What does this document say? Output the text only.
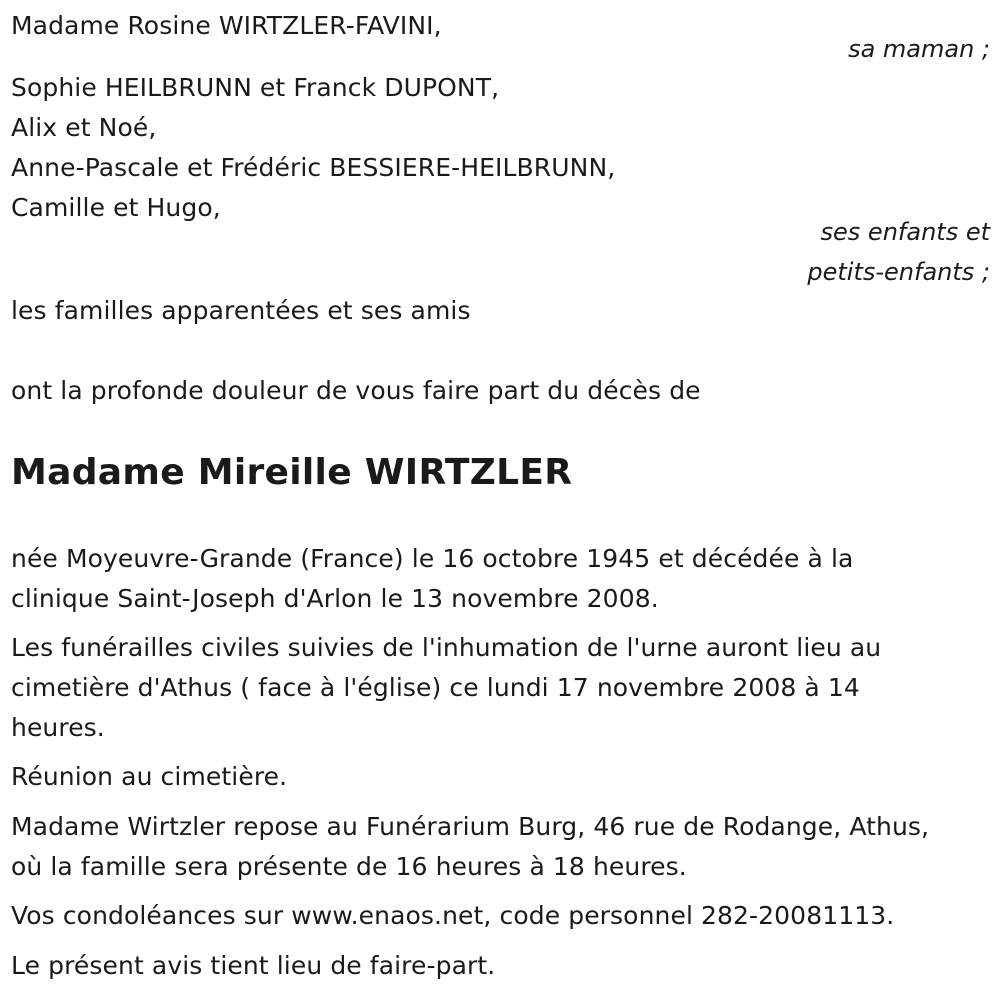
Madame Rosine WIRTZLER-FAVINI,
sa maman ;
Sophie HEILBRUNN et Franck DUPONT,
Alix et Noé,
Anne-Pascale et Frédéric BESSIERE-HEILBRUNN,
Camille et Hugo,
ses enfants et
petits-enfants ;
les familles apparentées et ses amis
ont la profonde douleur de vous faire part du décès de
Madame Mireille WIRTZLER
née Moyeuvre-Grande (France) le 16 octobre 1945 et décédée à la
clinique Saint-Joseph d'Arlon le 13 novembre 2008.
Les funérailles civiles suivies de l'inhumation de l'urne auront lieu au
cimetière d'Athus ( face à l'église) ce lundi 17 novembre 2008 à 14
heures.
Réunion au cimetière.
Madame Wirtzler repose au Funérarium Burg, 46 rue de Rodange, Athus,
où la famille sera présente de 16 heures à 18 heures.
Vos condoléances sur www.enaos.net, code personnel 282-20081113.
Le présent avis tient lieu de faire-part.
